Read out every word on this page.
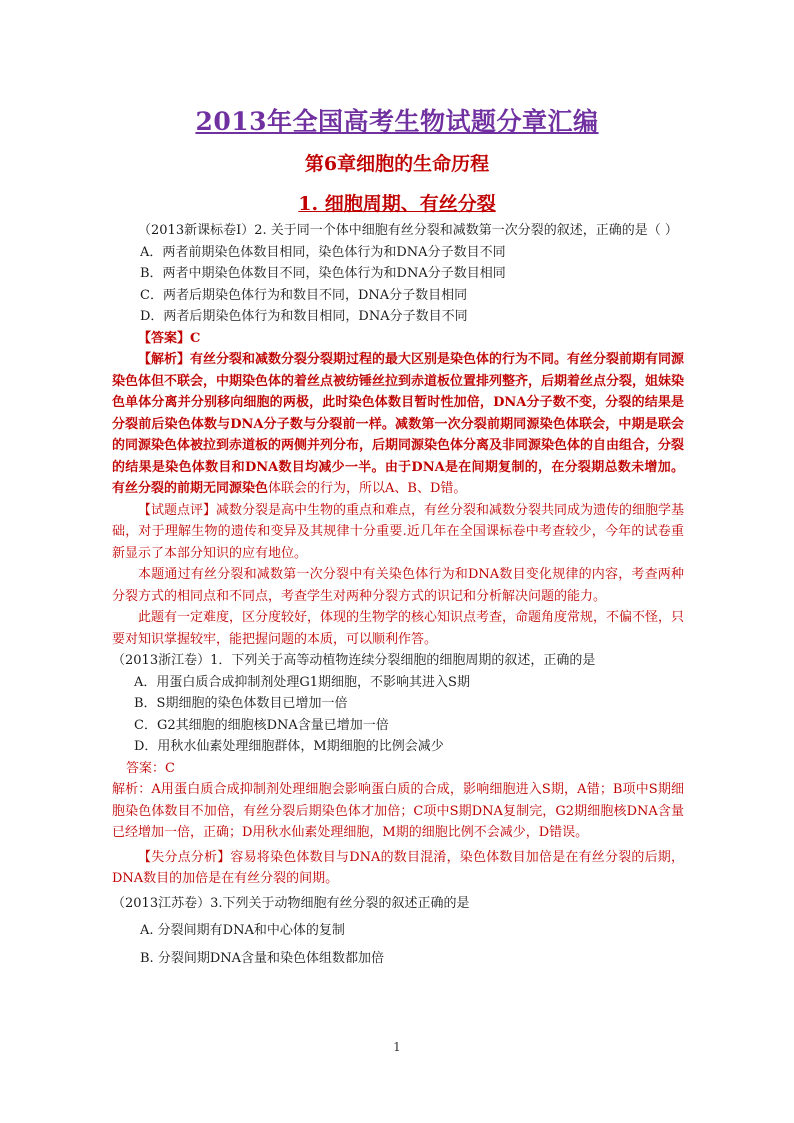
2013年全国高考生物试题分章汇编
第6章细胞的生命历程
1. 细胞周期、有丝分裂

（2013新课标卷Ⅰ）2. 关于同一个体中细胞有丝分裂和减数第一次分裂的叙述，正确的是（ ）

A．两者前期染色体数目相同，染色体行为和DNA分子数目不同

B．两者中期染色体数目不同，染色体行为和DNA分子数目相同

C．两者后期染色体行为和数目不同，DNA分子数目相同

D．两者后期染色体行为和数目相同，DNA分子数目不同

【答案】C

【解析】有丝分裂和减数分裂分裂期过程的最大区别是染色体的行为不同。有丝分裂前期有同源染色体但不联会，中期染色体的着丝点被纺锤丝拉到赤道板位置排列整齐，后期着丝点分裂，姐妹染色单体分离并分别移向细胞的两极，此时染色体数目暂时性加倍，DNA分子数不变，分裂的结果是分裂前后染色体数与DNA分子数与分裂前一样。减数第一次分裂前期同源染色体联会，中期是联会的同源染色体被拉到赤道板的两侧并列分布，后期同源染色体分离及非同源染色体的自由组合，分裂的结果是染色体数目和DNA数目均减少一半。由于DNA是在间期复制的，在分裂期总数未增加。有丝分裂的前期无同源染色体联会的行为，所以A、B、D错。

【试题点评】减数分裂是高中生物的重点和难点，有丝分裂和减数分裂共同成为遗传的细胞学基础，对于理解生物的遗传和变异及其规律十分重要.近几年在全国课标卷中考查较少，今年的试卷重新显示了本部分知识的应有地位。

本题通过有丝分裂和减数第一次分裂中有关染色体行为和DNA数目变化规律的内容，考查两种分裂方式的相同点和不同点，考查学生对两种分裂方式的识记和分析解决问题的能力。

此题有一定难度，区分度较好，体现的生物学的核心知识点考查，命题角度常规，不偏不怪，只要对知识掌握较牢，能把握问题的本质，可以顺利作答。

（2013浙江卷）1．下列关于高等动植物连续分裂细胞的细胞周期的叙述，正确的是

A．用蛋白质合成抑制剂处理G1期细胞，不影响其进入S期

B．S期细胞的染色体数目已增加一倍

C．G2其细胞的细胞核DNA含量已增加一倍

D．用秋水仙素处理细胞群体，M期细胞的比例会减少

答案：C

解析：A用蛋白质合成抑制剂处理细胞会影响蛋白质的合成，影响细胞进入S期，A错；B项中S期细胞染色体数目不加倍，有丝分裂后期染色体才加倍；C项中S期DNA复制完，G2期细胞核DNA含量已经增加一倍，正确；D用秋水仙素处理细胞，M期的细胞比例不会减少，D错误。

【失分点分析】容易将染色体数目与DNA的数目混淆，染色体数目加倍是在有丝分裂的后期，DNA数目的加倍是在有丝分裂的间期。

（2013江苏卷）3.下列关于动物细胞有丝分裂的叙述正确的是

A. 分裂间期有DNA和中心体的复制

B. 分裂间期DNA含量和染色体组数都加倍

1
